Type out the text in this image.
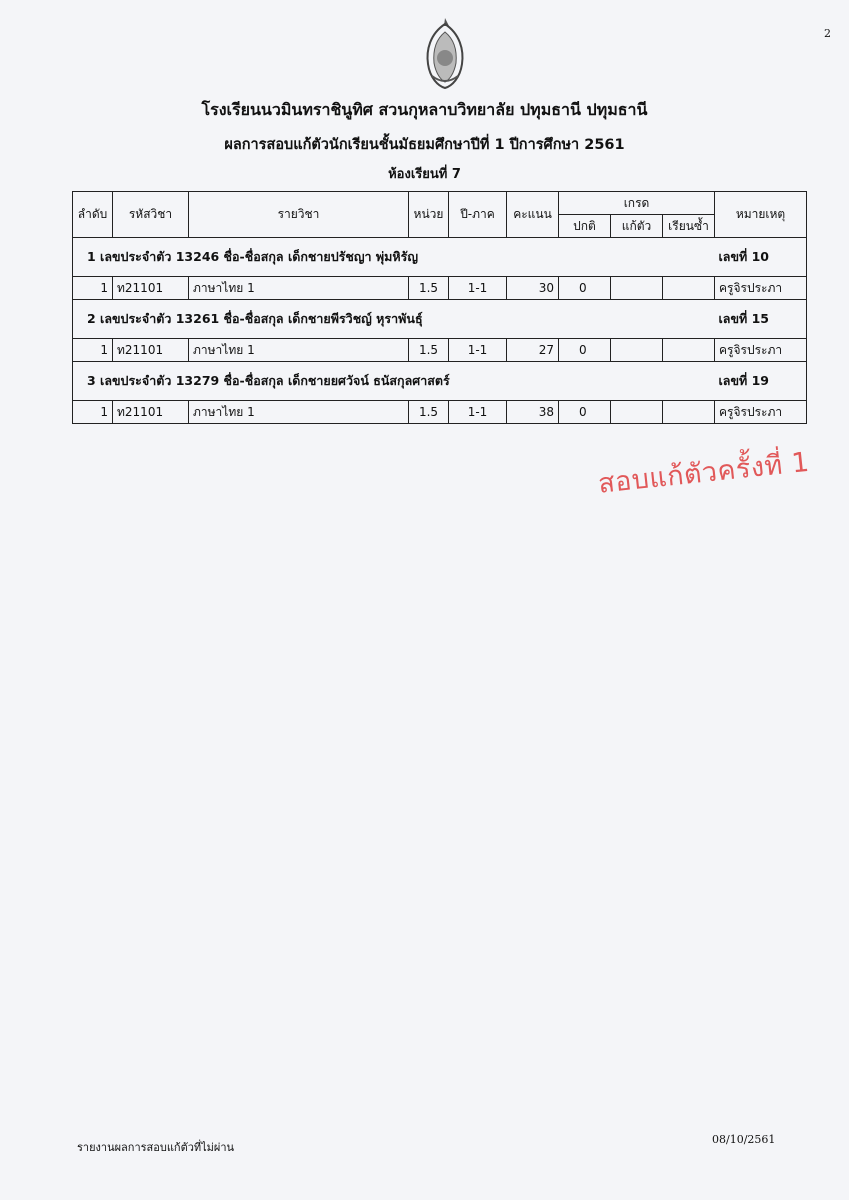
2
โรงเรียนนวมินทราชินูทิศ สวนกุหลาบวิทยาลัย ปทุมธานี ปทุมธานี
ผลการสอบแก้ตัวนักเรียนชั้นมัธยมศึกษาปีที่ 1 ปีการศึกษา 2561
ห้องเรียนที่ 7
ลำดับ	รหัสวิชา	รายวิชา	หน่วย	ปี-ภาค	คะแนน	เกรด			หมายเหตุ
						ปกติ	แก้ตัว	เรียนซ้ำ	
1 เลขประจำตัว 13246 ชื่อ-ชื่อสกุล เด็กชายปรัชญา พุ่มหิรัญ									เลขที่ 10
1	ท21101	ภาษาไทย 1	1.5	1-1	30	0			ครูจิรประภา
2 เลขประจำตัว 13261 ชื่อ-ชื่อสกุล เด็กชายพีรวิชญ์ หุราพันธุ์									เลขที่ 15
1	ท21101	ภาษาไทย 1	1.5	1-1	27	0			ครูจิรประภา
3 เลขประจำตัว 13279 ชื่อ-ชื่อสกุล เด็กชายยศวัจน์ ธนัสกุลศาสตร์									เลขที่ 19
1	ท21101	ภาษาไทย 1	1.5	1-1	38	0			ครูจิรประภา
สอบแก้ตัวครั้งที่ 1
รายงานผลการสอบแก้ตัวที่ไม่ผ่าน
08/10/2561
